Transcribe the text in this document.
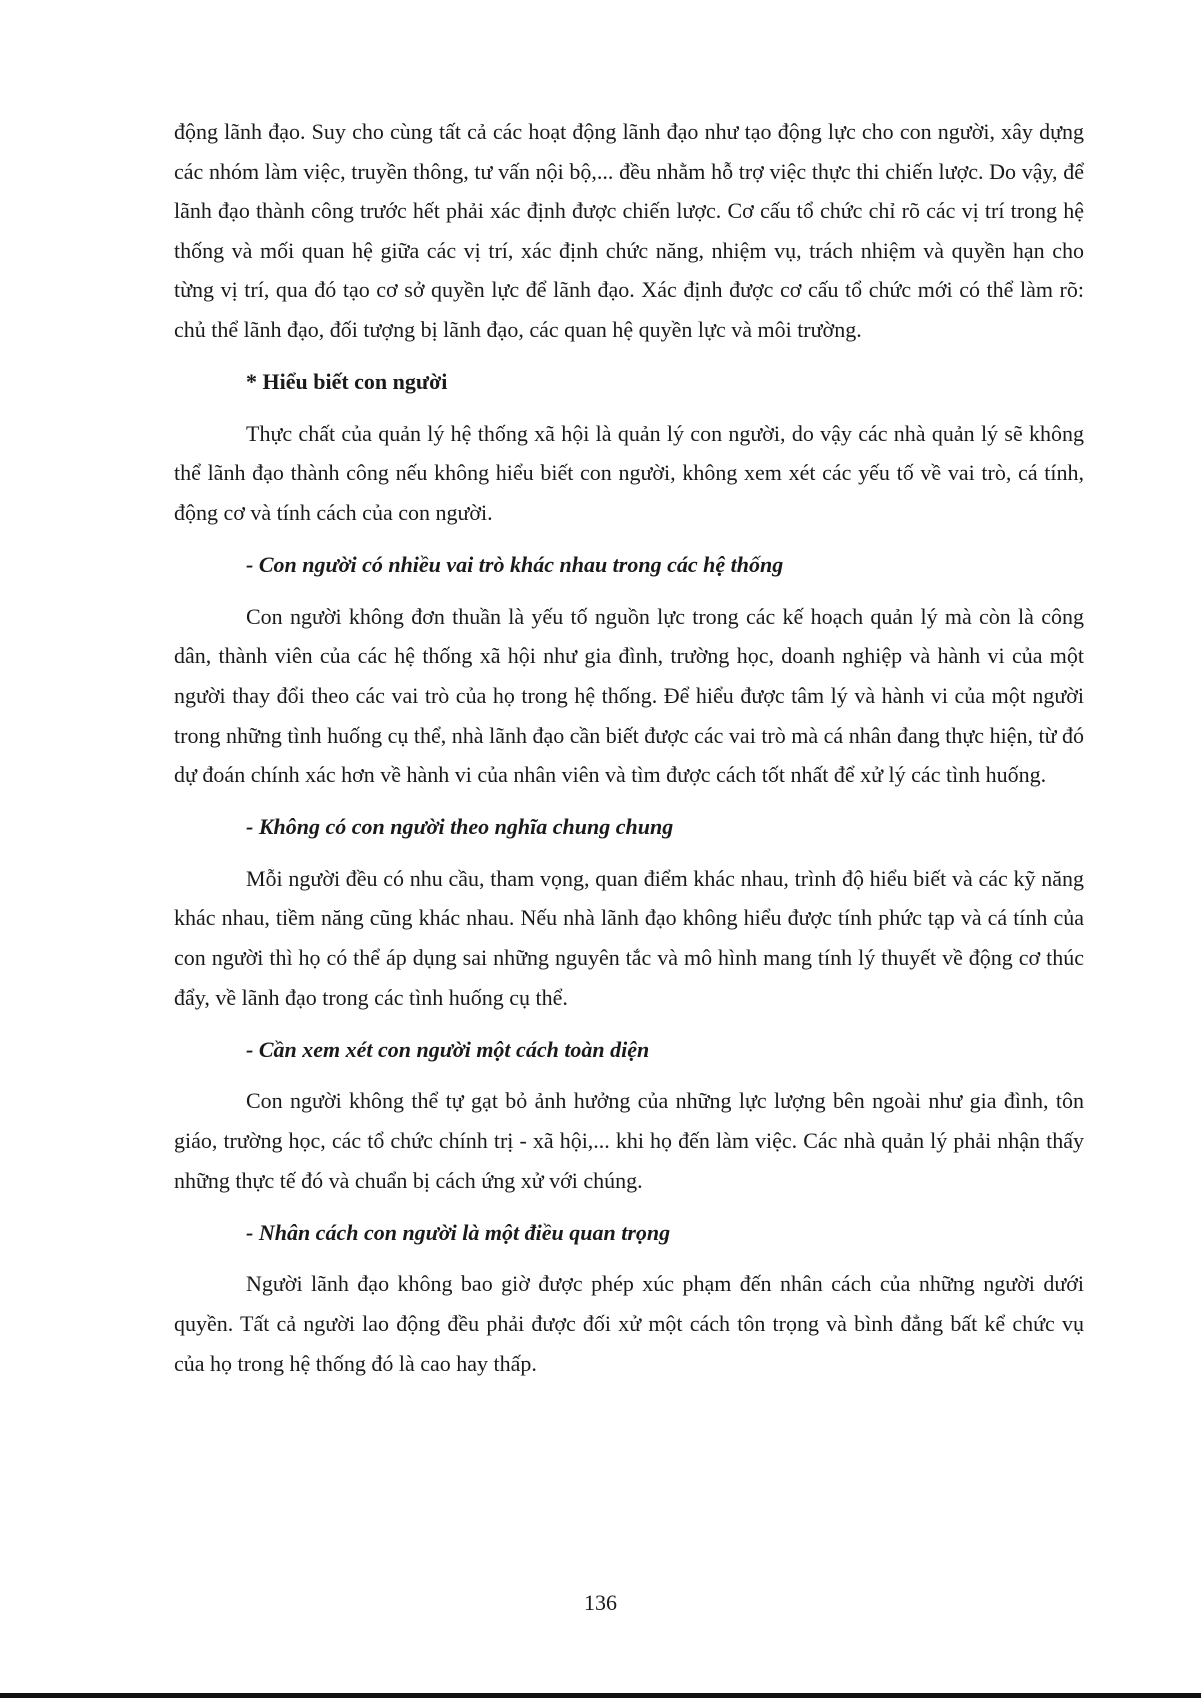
động lãnh đạo. Suy cho cùng tất cả các hoạt động lãnh đạo như tạo động lực cho con người, xây dựng các nhóm làm việc, truyền thông, tư vấn nội bộ,... đều nhằm hỗ trợ việc thực thi chiến lược. Do vậy, để lãnh đạo thành công trước hết phải xác định được chiến lược. Cơ cấu tổ chức chỉ rõ các vị trí trong hệ thống và mối quan hệ giữa các vị trí, xác định chức năng, nhiệm vụ, trách nhiệm và quyền hạn cho từng vị trí, qua đó tạo cơ sở quyền lực để lãnh đạo. Xác định được cơ cấu tổ chức mới có thể làm rõ: chủ thể lãnh đạo, đối tượng bị lãnh đạo, các quan hệ quyền lực và môi trường.

* Hiểu biết con người

Thực chất của quản lý hệ thống xã hội là quản lý con người, do vậy các nhà quản lý sẽ không thể lãnh đạo thành công nếu không hiểu biết con người, không xem xét các yếu tố về vai trò, cá tính, động cơ và tính cách của con người.

- Con người có nhiều vai trò khác nhau trong các hệ thống

Con người không đơn thuần là yếu tố nguồn lực trong các kế hoạch quản lý mà còn là công dân, thành viên của các hệ thống xã hội như gia đình, trường học, doanh nghiệp và hành vi của một người thay đổi theo các vai trò của họ trong hệ thống. Để hiểu được tâm lý và hành vi của một người trong những tình huống cụ thể, nhà lãnh đạo cần biết được các vai trò mà cá nhân đang thực hiện, từ đó dự đoán chính xác hơn về hành vi của nhân viên và tìm được cách tốt nhất để xử lý các tình huống.

- Không có con người theo nghĩa chung chung

Mỗi người đều có nhu cầu, tham vọng, quan điểm khác nhau, trình độ hiểu biết và các kỹ năng khác nhau, tiềm năng cũng khác nhau. Nếu nhà lãnh đạo không hiểu được tính phức tạp và cá tính của con người thì họ có thể áp dụng sai những nguyên tắc và mô hình mang tính lý thuyết về động cơ thúc đẩy, về lãnh đạo trong các tình huống cụ thể.

- Cần xem xét con người một cách toàn diện

Con người không thể tự gạt bỏ ảnh hưởng của những lực lượng bên ngoài như gia đình, tôn giáo, trường học, các tổ chức chính trị - xã hội,... khi họ đến làm việc. Các nhà quản lý phải nhận thấy những thực tế đó và chuẩn bị cách ứng xử với chúng.

- Nhân cách con người là một điều quan trọng

Người lãnh đạo không bao giờ được phép xúc phạm đến nhân cách của những người dưới quyền. Tất cả người lao động đều phải được đối xử một cách tôn trọng và bình đẳng bất kể chức vụ của họ trong hệ thống đó là cao hay thấp.

136
